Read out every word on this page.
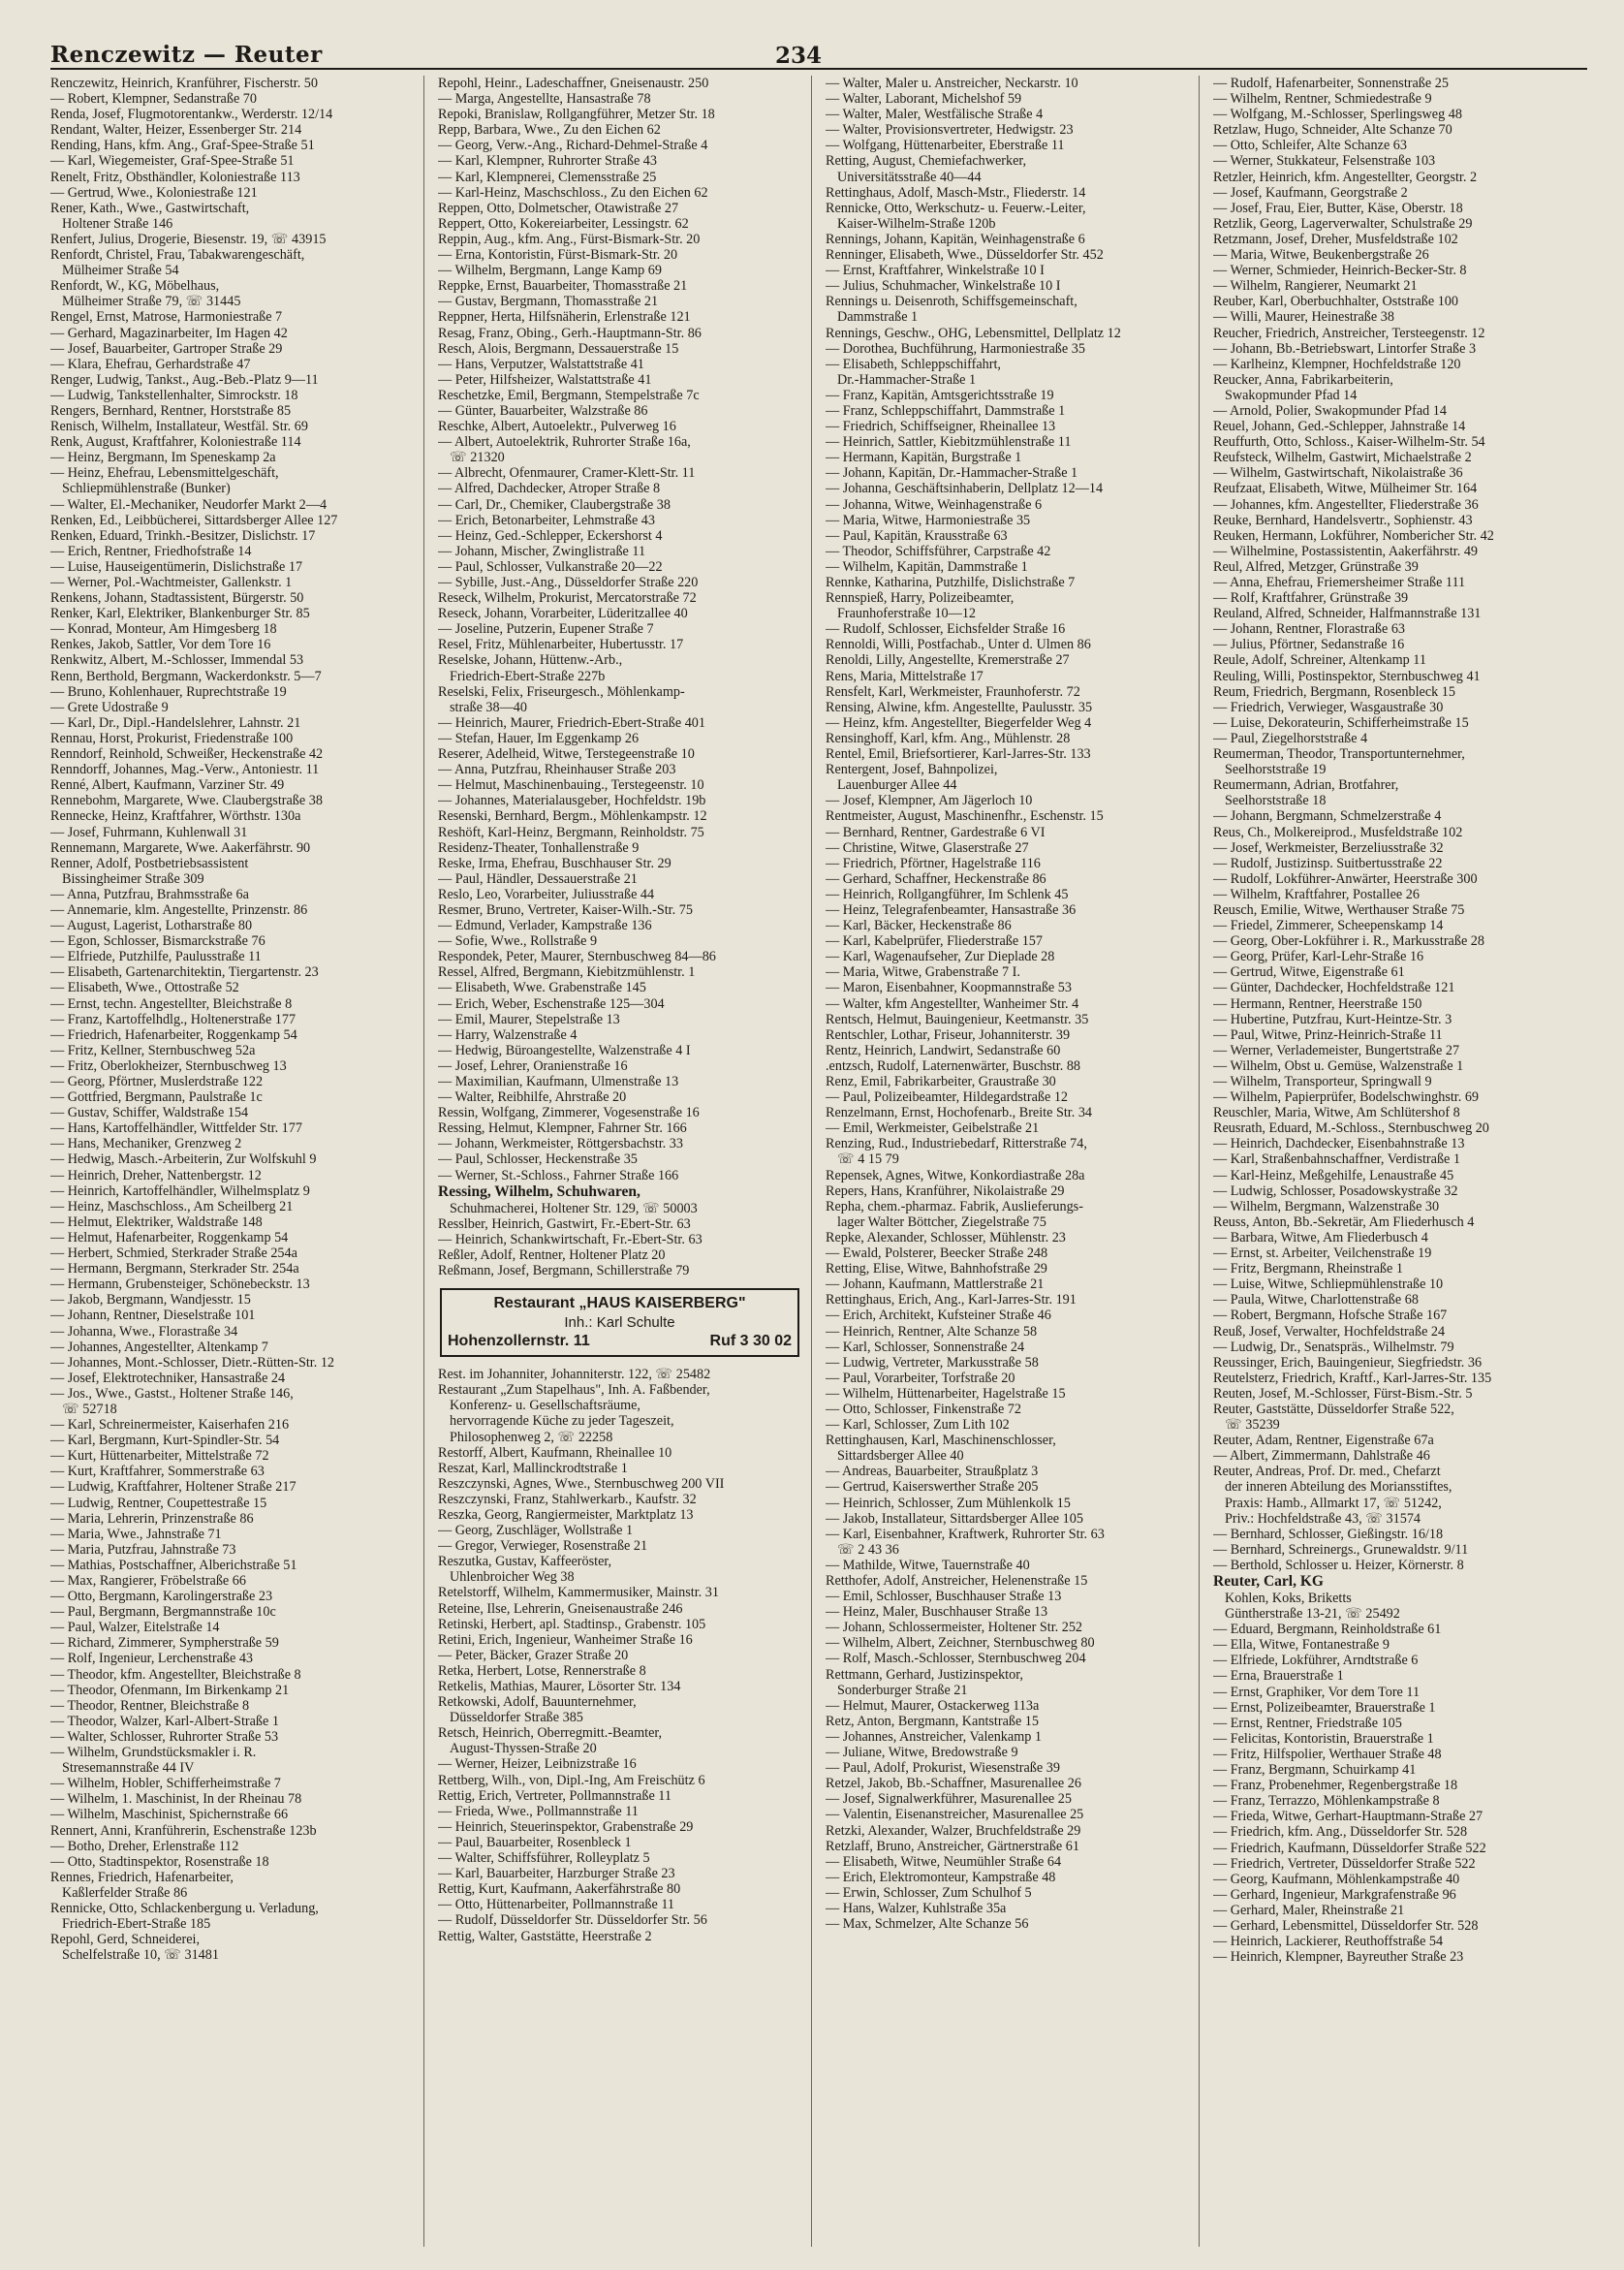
Renczewitz — Reuter	234
Renczewitz, Heinrich, Kranführer, Fischerstr. 50
— Robert, Klempner, Sedanstraße 70
Renda, Josef, Flugmotorentankw., Werderstr. 12/14
Rendant, Walter, Heizer, Essenberger Str. 214
Rending, Hans, kfm. Ang., Graf-Spee-Straße 51
— Karl, Wiegemeister, Graf-Spee-Straße 51
Renelt, Fritz, Obsthändler, Koloniestraße 113
— Gertrud, Wwe., Koloniestraße 121
Rener, Kath., Wwe., Gastwirtschaft,
Holtener Straße 146
Renfert, Julius, Drogerie, Biesenstr. 19, ☏ 43915
Renfordt, Christel, Frau, Tabakwarengeschäft,
Mülheimer Straße 54
Renfordt, W., KG, Möbelhaus,
Mülheimer Straße 79, ☏ 31445
Rengel, Ernst, Matrose, Harmoniestraße 7
— Gerhard, Magazinarbeiter, Im Hagen 42
— Josef, Bauarbeiter, Gartroper Straße 29
— Klara, Ehefrau, Gerhardstraße 47
Renger, Ludwig, Tankst., Aug.-Beb.-Platz 9—11
— Ludwig, Tankstellenhalter, Simrockstr. 18
Rengers, Bernhard, Rentner, Horststraße 85
Renisch, Wilhelm, Installateur, Westfäl. Str. 69
Renk, August, Kraftfahrer, Koloniestraße 114
— Heinz, Bergmann, Im Speneskamp 2a
— Heinz, Ehefrau, Lebensmittelgeschäft,
Schliepmühlenstraße (Bunker)
— Walter, El.-Mechaniker, Neudorfer Markt 2—4
Renken, Ed., Leibbücherei, Sittardsberger Allee 127
Renken, Eduard, Trinkh.-Besitzer, Dislichstr. 17
— Erich, Rentner, Friedhofstraße 14
— Luise, Hauseigentümerin, Dislichstraße 17
— Werner, Pol.-Wachtmeister, Gallenkstr. 1
Renkens, Johann, Stadtassistent, Bürgerstr. 50
Renker, Karl, Elektriker, Blankenburger Str. 85
— Konrad, Monteur, Am Himgesberg 18
Renkes, Jakob, Sattler, Vor dem Tore 16
Renkwitz, Albert, M.-Schlosser, Immendal 53
Renn, Berthold, Bergmann, Wackerdonkstr. 5—7
— Bruno, Kohlenhauer, Ruprechtstraße 19
— Grete Udostraße 9
— Karl, Dr., Dipl.-Handelslehrer, Lahnstr. 21
Rennau, Horst, Prokurist, Friedenstraße 100
Renndorf, Reinhold, Schweißer, Heckenstraße 42
Renndorff, Johannes, Mag.-Verw., Antoniestr. 11
Renné, Albert, Kaufmann, Varziner Str. 49
Rennebohm, Margarete, Wwe. Claubergstraße 38
Rennecke, Heinz, Kraftfahrer, Wörthstr. 130a
— Josef, Fuhrmann, Kuhlenwall 31
Rennemann, Margarete, Wwe. Aakerfährstr. 90
Renner, Adolf, Postbetriebsassistent
Bissingheimer Straße 309
— Anna, Putzfrau, Brahmsstraße 6a
— Annemarie, klm. Angestellte, Prinzenstr. 86
— August, Lagerist, Lotharstraße 80
— Egon, Schlosser, Bismarckstraße 76
— Elfriede, Putzhilfe, Paulusstraße 11
— Elisabeth, Gartenarchitektin, Tiergartenstr. 23
— Elisabeth, Wwe., Ottostraße 52
— Ernst, techn. Angestellter, Bleichstraße 8
— Franz, Kartoffelhdlg., Holtenerstraße 177
— Friedrich, Hafenarbeiter, Roggenkamp 54
— Fritz, Kellner, Sternbuschweg 52a
— Fritz, Oberlokheizer, Sternbuschweg 13
— Georg, Pförtner, Muslerdstraße 122
— Gottfried, Bergmann, Paulstraße 1c
— Gustav, Schiffer, Waldstraße 154
— Hans, Kartoffelhändler, Wittfelder Str. 177
— Hans, Mechaniker, Grenzweg 2
— Hedwig, Masch.-Arbeiterin, Zur Wolfskuhl 9
— Heinrich, Dreher, Nattenbergstr. 12
— Heinrich, Kartoffelhändler, Wilhelmsplatz 9
— Heinz, Maschschloss., Am Scheilberg 21
— Helmut, Elektriker, Waldstraße 148
— Helmut, Hafenarbeiter, Roggenkamp 54
— Herbert, Schmied, Sterkrader Straße 254a
— Hermann, Bergmann, Sterkrader Str. 254a
— Hermann, Grubensteiger, Schönebeckstr. 13
— Jakob, Bergmann, Wandjesstr. 15
— Johann, Rentner, Dieselstraße 101
— Johanna, Wwe., Florastraße 34
— Johannes, Angestellter, Altenkamp 7
— Johannes, Mont.-Schlosser, Dietr.-Rütten-Str. 12
— Josef, Elektrotechniker, Hansastraße 24
— Jos., Wwe., Gastst., Holtener Straße 146,
☏ 52718
— Karl, Schreinermeister, Kaiserhafen 216
— Karl, Bergmann, Kurt-Spindler-Str. 54
— Kurt, Hüttenarbeiter, Mittelstraße 72
— Kurt, Kraftfahrer, Sommerstraße 63
— Ludwig, Kraftfahrer, Holtener Straße 217
— Ludwig, Rentner, Coupettestraße 15
— Maria, Lehrerin, Prinzenstraße 86
— Maria, Wwe., Jahnstraße 71
— Maria, Putzfrau, Jahnstraße 73
— Mathias, Postschaffner, Alberichstraße 51
— Max, Rangierer, Fröbelstraße 66
— Otto, Bergmann, Karolingerstraße 23
— Paul, Bergmann, Bergmannstraße 10c
— Paul, Walzer, Eitelstraße 14
— Richard, Zimmerer, Sympherstraße 59
— Rolf, Ingenieur, Lerchenstraße 43
— Theodor, kfm. Angestellter, Bleichstraße 8
— Theodor, Ofenmann, Im Birkenkamp 21
— Theodor, Rentner, Bleichstraße 8
— Theodor, Walzer, Karl-Albert-Straße 1
— Walter, Schlosser, Ruhrorter Straße 53
— Wilhelm, Grundstücksmakler i. R.
Stresemannstraße 44 IV
— Wilhelm, Hobler, Schifferheimstraße 7
— Wilhelm, 1. Maschinist, In der Rheinau 78
— Wilhelm, Maschinist, Spichernstraße 66
Rennert, Anni, Kranführerin, Eschenstraße 123b
— Botho, Dreher, Erlenstraße 112
— Otto, Stadtinspektor, Rosenstraße 18
Rennes, Friedrich, Hafenarbeiter,
Kaßlerfelder Straße 86
Rennicke, Otto, Schlackenbergung u. Verladung,
Friedrich-Ebert-Straße 185
Repohl, Gerd, Schneiderei,
Schelfelstraße 10, ☏ 31481
Repohl, Heinr., Ladeschaffner, Gneisenaustr. 250
— Marga, Angestellte, Hansastraße 78
Repoki, Branislaw, Rollgangführer, Metzer Str. 18
Repp, Barbara, Wwe., Zu den Eichen 62
— Georg, Verw.-Ang., Richard-Dehmel-Straße 4
— Karl, Klempner, Ruhrorter Straße 43
— Karl, Klempnerei, Clemensstraße 25
— Karl-Heinz, Maschschloss., Zu den Eichen 62
Reppen, Otto, Dolmetscher, Otawistraße 27
Reppert, Otto, Kokereiarbeiter, Lessingstr. 62
Reppin, Aug., kfm. Ang., Fürst-Bismark-Str. 20
— Erna, Kontoristin, Fürst-Bismark-Str. 20
— Wilhelm, Bergmann, Lange Kamp 69
Reppke, Ernst, Bauarbeiter, Thomasstraße 21
— Gustav, Bergmann, Thomasstraße 21
Reppner, Herta, Hilfsnäherin, Erlenstraße 121
Resag, Franz, Obing., Gerh.-Hauptmann-Str. 86
Resch, Alois, Bergmann, Dessauerstraße 15
— Hans, Verputzer, Walstattstraße 41
— Peter, Hilfsheizer, Walstattstraße 41
Reschetzke, Emil, Bergmann, Stempelstraße 7c
— Günter, Bauarbeiter, Walzstraße 86
Reschke, Albert, Autoelektr., Pulverweg 16
— Albert, Autoelektrik, Ruhrorter Straße 16a,
☏ 21320
— Albrecht, Ofenmaurer, Cramer-Klett-Str. 11
— Alfred, Dachdecker, Atroper Straße 8
— Carl, Dr., Chemiker, Claubergstraße 38
— Erich, Betonarbeiter, Lehmstraße 43
— Heinz, Ged.-Schlepper, Eckershorst 4
— Johann, Mischer, Zwinglistraße 11
— Paul, Schlosser, Vulkanstraße 20—22
— Sybille, Just.-Ang., Düsseldorfer Straße 220
Reseck, Wilhelm, Prokurist, Mercatorstraße 72
Reseck, Johann, Vorarbeiter, Lüderitzallee 40
— Joseline, Putzerin, Eupener Straße 7
Resel, Fritz, Mühlenarbeiter, Hubertusstr. 17
Reselske, Johann, Hüttenw.-Arb.,
Friedrich-Ebert-Straße 227b
Reselski, Felix, Friseurgesch., Möhlenkamp-
straße 38—40
— Heinrich, Maurer, Friedrich-Ebert-Straße 401
— Stefan, Hauer, Im Eggenkamp 26
Reserer, Adelheid, Witwe, Terstegeenstraße 10
— Anna, Putzfrau, Rheinhauser Straße 203
— Helmut, Maschinenbauing., Terstegeenstr. 10
— Johannes, Materialausgeber, Hochfeldstr. 19b
Resenski, Bernhard, Bergm., Möhlenkampstr. 12
Reshöft, Karl-Heinz, Bergmann, Reinholdstr. 75
Residenz-Theater, Tonhallenstraße 9
Reske, Irma, Ehefrau, Buschhauser Str. 29
— Paul, Händler, Dessauerstraße 21
Reslo, Leo, Vorarbeiter, Juliusstraße 44
Resmer, Bruno, Vertreter, Kaiser-Wilh.-Str. 75
— Edmund, Verlader, Kampstraße 136
— Sofie, Wwe., Rollstraße 9
Respondek, Peter, Maurer, Sternbuschweg 84—86
Ressel, Alfred, Bergmann, Kiebitzmühlenstr. 1
— Elisabeth, Wwe. Grabenstraße 145
— Erich, Weber, Eschenstraße 125—304
— Emil, Maurer, Stepelstraße 13
— Harry, Walzenstraße 4
— Hedwig, Büroangestellte, Walzenstraße 4 I
— Josef, Lehrer, Oranienstraße 16
— Maximilian, Kaufmann, Ulmenstraße 13
— Walter, Reibhilfe, Ahrstraße 20
Ressin, Wolfgang, Zimmerer, Vogesenstraße 16
Ressing, Helmut, Klempner, Fahrner Str. 166
— Johann, Werkmeister, Röttgersbachstr. 33
— Paul, Schlosser, Heckenstraße 35
— Werner, St.-Schloss., Fahrner Straße 166
Ressing, Wilhelm, Schuhwaren,
Schuhmacherei, Holtener Str. 129, ☏ 50003
Resslber, Heinrich, Gastwirt, Fr.-Ebert-Str. 63
— Heinrich, Schankwirtschaft, Fr.-Ebert-Str. 63
Reßler, Adolf, Rentner, Holtener Platz 20
Reßmann, Josef, Bergmann, Schillerstraße 79
Restaurant „HAUS KAISERBERG"
Inh.: Karl Schulte
Hohenzollernstr. 11	Ruf 3 30 02
Rest. im Johanniter, Johanniterstr. 122, ☏ 25482
Restaurant „Zum Stapelhaus", Inh. A. Faßbender,
Konferenz- u. Gesellschaftsräume,
hervorragende Küche zu jeder Tageszeit,
Philosophenweg 2, ☏ 22258
Restorff, Albert, Kaufmann, Rheinallee 10
Reszat, Karl, Mallinckrodtstraße 1
Reszczynski, Agnes, Wwe., Sternbuschweg 200 VII
Reszczynski, Franz, Stahlwerkarb., Kaufstr. 32
Reszka, Georg, Rangiermeister, Marktplatz 13
— Georg, Zuschläger, Wollstraße 1
— Gregor, Verwieger, Rosenstraße 21
Reszutka, Gustav, Kaffeeröster,
Uhlenbroicher Weg 38
Retelstorff, Wilhelm, Kammermusiker, Mainstr. 31
Reteine, Ilse, Lehrerin, Gneisenaustraße 246
Retinski, Herbert, apl. Stadtinsp., Grabenstr. 105
Retini, Erich, Ingenieur, Wanheimer Straße 16
— Peter, Bäcker, Grazer Straße 20
Retka, Herbert, Lotse, Rennerstraße 8
Retkelis, Mathias, Maurer, Lösorter Str. 134
Retkowski, Adolf, Bauunternehmer,
Düsseldorfer Straße 385
Retsch, Heinrich, Oberregmitt.-Beamter,
August-Thyssen-Straße 20
— Werner, Heizer, Leibnizstraße 16
Rettberg, Wilh., von, Dipl.-Ing, Am Freischütz 6
Rettig, Erich, Vertreter, Pollmannstraße 11
— Frieda, Wwe., Pollmannstraße 11
— Heinrich, Steuerinspektor, Grabenstraße 29
— Paul, Bauarbeiter, Rosenbleck 1
— Walter, Schiffsführer, Rolleyplatz 5
— Karl, Bauarbeiter, Harzburger Straße 23
Rettig, Kurt, Kaufmann, Aakerfährstraße 80
— Otto, Hüttenarbeiter, Pollmannstraße 11
— Rudolf, Düsseldorfer Str. Düsseldorfer Str. 56
Rettig, Walter, Gaststätte, Heerstraße 2
— Walter, Maler u. Anstreicher, Neckarstr. 10
— Walter, Laborant, Michelshof 59
— Walter, Maler, Westfälische Straße 4
— Walter, Provisionsvertreter, Hedwigstr. 23
— Wolfgang, Hüttenarbeiter, Eberstraße 11
Retting, August, Chemiefachwerker,
Universitätsstraße 40—44
Rettinghaus, Adolf, Masch-Mstr., Fliederstr. 14
Rennicke, Otto, Werkschutz- u. Feuerw.-Leiter,
Kaiser-Wilhelm-Straße 120b
Rennings, Johann, Kapitän, Weinhagenstraße 6
Renninger, Elisabeth, Wwe., Düsseldorfer Str. 452
— Ernst, Kraftfahrer, Winkelstraße 10 I
— Julius, Schuhmacher, Winkelstraße 10 I
Rennings u. Deisenroth, Schiffsgemeinschaft,
Dammstraße 1
Rennings, Geschw., OHG, Lebensmittel, Dellplatz 12
— Dorothea, Buchführung, Harmoniestraße 35
— Elisabeth, Schleppschiffahrt,
Dr.-Hammacher-Straße 1
— Franz, Kapitän, Amtsgerichtsstraße 19
— Franz, Schleppschiffahrt, Dammstraße 1
— Friedrich, Schiffseigner, Rheinallee 13
— Heinrich, Sattler, Kiebitzmühlenstraße 11
— Hermann, Kapitän, Burgstraße 1
— Johann, Kapitän, Dr.-Hammacher-Straße 1
— Johanna, Geschäftsinhaberin, Dellplatz 12—14
— Johanna, Witwe, Weinhagenstraße 6
— Maria, Witwe, Harmoniestraße 35
— Paul, Kapitän, Krausstraße 63
— Theodor, Schiffsführer, Carpstraße 42
— Wilhelm, Kapitän, Dammstraße 1
Rennke, Katharina, Putzhilfe, Dislichstraße 7
Rennspieß, Harry, Polizeibeamter,
Fraunhoferstraße 10—12
— Rudolf, Schlosser, Eichsfelder Straße 16
Rennoldi, Willi, Postfachab., Unter d. Ulmen 86
Renoldi, Lilly, Angestellte, Kremerstraße 27
Rens, Maria, Mittelstraße 17
Rensfelt, Karl, Werkmeister, Fraunhoferstr. 72
Rensing, Alwine, kfm. Angestellte, Paulusstr. 35
— Heinz, kfm. Angestellter, Biegerfelder Weg 4
Rensinghoff, Karl, kfm. Ang., Mühlenstr. 28
Rentel, Emil, Briefsortierer, Karl-Jarres-Str. 133
Rentergent, Josef, Bahnpolizei,
Lauenburger Allee 44
— Josef, Klempner, Am Jägerloch 10
Rentmeister, August, Maschinenfhr., Eschenstr. 15
— Bernhard, Rentner, Gardestraße 6 VI
— Christine, Witwe, Glaserstraße 27
— Friedrich, Pförtner, Hagelstraße 116
— Gerhard, Schaffner, Heckenstraße 86
— Heinrich, Rollgangführer, Im Schlenk 45
— Heinz, Telegrafenbeamter, Hansastraße 36
— Karl, Bäcker, Heckenstraße 86
— Karl, Kabelprüfer, Fliederstraße 157
— Karl, Wagenaufseher, Zur Dieplade 28
— Maria, Witwe, Grabenstraße 7 I.
— Maron, Eisenbahner, Koopmannstraße 53
— Walter, kfm Angestellter, Wanheimer Str. 4
Rentsch, Helmut, Bauingenieur, Keetmanstr. 35
Rentschler, Lothar, Friseur, Johanniterstr. 39
Rentz, Heinrich, Landwirt, Sedanstraße 60
.entzsch, Rudolf, Laternenwärter, Buschstr. 88
Renz, Emil, Fabrikarbeiter, Graustraße 30
— Paul, Polizeibeamter, Hildegardstraße 12
Renzelmann, Ernst, Hochofenarb., Breite Str. 34
— Emil, Werkmeister, Geibelstraße 21
Renzing, Rud., Industriebedarf, Ritterstraße 74,
☏ 4 15 79
Repensek, Agnes, Witwe, Konkordiastraße 28a
Repers, Hans, Kranführer, Nikolaistraße 29
Repha, chem.-pharmaz. Fabrik, Auslieferungs-
lager Walter Böttcher, Ziegelstraße 75
Repke, Alexander, Schlosser, Mühlenstr. 23
— Ewald, Polsterer, Beecker Straße 248
Retting, Elise, Witwe, Bahnhofstraße 29
— Johann, Kaufmann, Mattlerstraße 21
Rettinghaus, Erich, Ang., Karl-Jarres-Str. 191
— Erich, Architekt, Kufsteiner Straße 46
— Heinrich, Rentner, Alte Schanze 58
— Karl, Schlosser, Sonnenstraße 24
— Ludwig, Vertreter, Markusstraße 58
— Paul, Vorarbeiter, Torfstraße 20
— Wilhelm, Hüttenarbeiter, Hagelstraße 15
— Otto, Schlosser, Finkenstraße 72
— Karl, Schlosser, Zum Lith 102
Rettinghausen, Karl, Maschinenschlosser,
Sittardsberger Allee 40
— Andreas, Bauarbeiter, Straußplatz 3
— Gertrud, Kaiserswerther Straße 205
— Heinrich, Schlosser, Zum Mühlenkolk 15
— Jakob, Installateur, Sittardsberger Allee 105
— Karl, Eisenbahner, Kraftwerk, Ruhrorter Str. 63
☏ 2 43 36
— Mathilde, Witwe, Tauernstraße 40
Retthofer, Adolf, Anstreicher, Helenenstraße 15
— Emil, Schlosser, Buschhauser Straße 13
— Heinz, Maler, Buschhauser Straße 13
— Johann, Schlossermeister, Holtener Str. 252
— Wilhelm, Albert, Zeichner, Sternbuschweg 80
— Rolf, Masch.-Schlosser, Sternbuschweg 204
Rettmann, Gerhard, Justizinspektor,
Sonderburger Straße 21
— Helmut, Maurer, Ostackerweg 113a
Retz, Anton, Bergmann, Kantstraße 15
— Johannes, Anstreicher, Valenkamp 1
— Juliane, Witwe, Bredowstraße 9
— Paul, Adolf, Prokurist, Wiesenstraße 39
Retzel, Jakob, Bb.-Schaffner, Masurenallee 26
— Josef, Signalwerkführer, Masurenallee 25
— Valentin, Eisenanstreicher, Masurenallee 25
Retzki, Alexander, Walzer, Bruchfeldstraße 29
Retzlaff, Bruno, Anstreicher, Gärtnerstraße 61
— Elisabeth, Witwe, Neumühler Straße 64
— Erich, Elektromonteur, Kampstraße 48
— Erwin, Schlosser, Zum Schulhof 5
— Hans, Walzer, Kuhlstraße 35a
— Max, Schmelzer, Alte Schanze 56
— Rudolf, Hafenarbeiter, Sonnenstraße 25
— Wilhelm, Rentner, Schmiedestraße 9
— Wolfgang, M.-Schlosser, Sperlingsweg 48
Retzlaw, Hugo, Schneider, Alte Schanze 70
— Otto, Schleifer, Alte Schanze 63
— Werner, Stukkateur, Felsenstraße 103
Retzler, Heinrich, kfm. Angestellter, Georgstr. 2
— Josef, Kaufmann, Georgstraße 2
— Josef, Frau, Eier, Butter, Käse, Oberstr. 18
Retzlik, Georg, Lagerverwalter, Schulstraße 29
Retzmann, Josef, Dreher, Musfeldstraße 102
— Maria, Witwe, Beukenbergstraße 26
— Werner, Schmieder, Heinrich-Becker-Str. 8
— Wilhelm, Rangierer, Neumarkt 21
Reuber, Karl, Oberbuchhalter, Oststraße 100
— Willi, Maurer, Heinestraße 38
Reucher, Friedrich, Anstreicher, Tersteegenstr. 12
— Johann, Bb.-Betriebswart, Lintorfer Straße 3
— Karlheinz, Klempner, Hochfeldstraße 120
Reucker, Anna, Fabrikarbeiterin,
Swakopmunder Pfad 14
— Arnold, Polier, Swakopmunder Pfad 14
Reuel, Johann, Ged.-Schlepper, Jahnstraße 14
Reuffurth, Otto, Schloss., Kaiser-Wilhelm-Str. 54
Reufsteck, Wilhelm, Gastwirt, Michaelstraße 2
— Wilhelm, Gastwirtschaft, Nikolaistraße 36
Reufzaat, Elisabeth, Witwe, Mülheimer Str. 164
— Johannes, kfm. Angestellter, Fliederstraße 36
Reuke, Bernhard, Handelsvertr., Sophienstr. 43
Reuken, Hermann, Lokführer, Nombericher Str. 42
— Wilhelmine, Postassistentin, Aakerfährstr. 49
Reul, Alfred, Metzger, Grünstraße 39
— Anna, Ehefrau, Friemersheimer Straße 111
— Rolf, Kraftfahrer, Grünstraße 39
Reuland, Alfred, Schneider, Halfmannstraße 131
— Johann, Rentner, Florastraße 63
— Julius, Pförtner, Sedanstraße 16
Reule, Adolf, Schreiner, Altenkamp 11
Reuling, Willi, Postinspektor, Sternbuschweg 41
Reum, Friedrich, Bergmann, Rosenbleck 15
— Friedrich, Verwieger, Wasgaustraße 30
— Luise, Dekorateurin, Schifferheimstraße 15
— Paul, Ziegelhorststraße 4
Reumerman, Theodor, Transportunternehmer,
Seelhorststraße 19
Reumermann, Adrian, Brotfahrer,
Seelhorststraße 18
— Johann, Bergmann, Schmelzerstraße 4
Reus, Ch., Molkereiprod., Musfeldstraße 102
— Josef, Werkmeister, Berzeliusstraße 32
— Rudolf, Justizinsp. Suitbertusstraße 22
— Rudolf, Lokführer-Anwärter, Heerstraße 300
— Wilhelm, Kraftfahrer, Postallee 26
Reusch, Emilie, Witwe, Werthauser Straße 75
— Friedel, Zimmerer, Scheepenskamp 14
— Georg, Ober-Lokführer i. R., Markusstraße 28
— Georg, Prüfer, Karl-Lehr-Straße 16
— Gertrud, Witwe, Eigenstraße 61
— Günter, Dachdecker, Hochfeldstraße 121
— Hermann, Rentner, Heerstraße 150
— Hubertine, Putzfrau, Kurt-Heintze-Str. 3
— Paul, Witwe, Prinz-Heinrich-Straße 11
— Werner, Verlademeister, Bungertstraße 27
— Wilhelm, Obst u. Gemüse, Walzenstraße 1
— Wilhelm, Transporteur, Springwall 9
— Wilhelm, Papierprüfer, Bodelschwinghstr. 69
Reuschler, Maria, Witwe, Am Schlütershof 8
Reusrath, Eduard, M.-Schloss., Sternbuschweg 20
— Heinrich, Dachdecker, Eisenbahnstraße 13
— Karl, Straßenbahnschaffner, Verdistraße 1
— Karl-Heinz, Meßgehilfe, Lenaustraße 45
— Ludwig, Schlosser, Posadowskystraße 32
— Wilhelm, Bergmann, Walzenstraße 30
Reuss, Anton, Bb.-Sekretär, Am Fliederhusch 4
— Barbara, Witwe, Am Fliederbusch 4
— Ernst, st. Arbeiter, Veilchenstraße 19
— Fritz, Bergmann, Rheinstraße 1
— Luise, Witwe, Schliepmühlenstraße 10
— Paula, Witwe, Charlottenstraße 68
— Robert, Bergmann, Hofsche Straße 167
Reuß, Josef, Verwalter, Hochfeldstraße 24
— Ludwig, Dr., Senatspräs., Wilhelmstr. 79
Reussinger, Erich, Bauingenieur, Siegfriedstr. 36
Reutelsterz, Friedrich, Kraftf., Karl-Jarres-Str. 135
Reuten, Josef, M.-Schlosser, Fürst-Bism.-Str. 5
Reuter, Gaststätte, Düsseldorfer Straße 522,
☏ 35239
Reuter, Adam, Rentner, Eigenstraße 67a
— Albert, Zimmermann, Dahlstraße 46
Reuter, Andreas, Prof. Dr. med., Chefarzt
der inneren Abteilung des Moriansstiftes,
Praxis: Hamb., Allmarkt 17, ☏ 51242,
Priv.: Hochfeldstraße 43, ☏ 31574
— Bernhard, Schlosser, Gießingstr. 16/18
— Bernhard, Schreinergs., Grunewaldstr. 9/11
— Berthold, Schlosser u. Heizer, Körnerstr. 8
Reuter, Carl, KG
Kohlen, Koks, Briketts
Güntherstraße 13-21, ☏ 25492
— Eduard, Bergmann, Reinholdstraße 61
— Ella, Witwe, Fontanestraße 9
— Elfriede, Lokführer, Arndtstraße 6
— Erna, Brauerstraße 1
— Ernst, Graphiker, Vor dem Tore 11
— Ernst, Polizeibeamter, Brauerstraße 1
— Ernst, Rentner, Friedstraße 105
— Felicitas, Kontoristin, Brauerstraße 1
— Fritz, Hilfspolier, Werthauer Straße 48
— Franz, Bergmann, Schuirkamp 41
— Franz, Probenehmer, Regenbergstraße 18
— Franz, Terrazzo, Möhlenkampstraße 8
— Frieda, Witwe, Gerhart-Hauptmann-Straße 27
— Friedrich, kfm. Ang., Düsseldorfer Str. 528
— Friedrich, Kaufmann, Düsseldorfer Straße 522
— Friedrich, Vertreter, Düsseldorfer Straße 522
— Georg, Kaufmann, Möhlenkampstraße 40
— Gerhard, Ingenieur, Markgrafenstraße 96
— Gerhard, Maler, Rheinstraße 21
— Gerhard, Lebensmittel, Düsseldorfer Str. 528
— Heinrich, Lackierer, Reuthoffstraße 54
— Heinrich, Klempner, Bayreuther Straße 23
